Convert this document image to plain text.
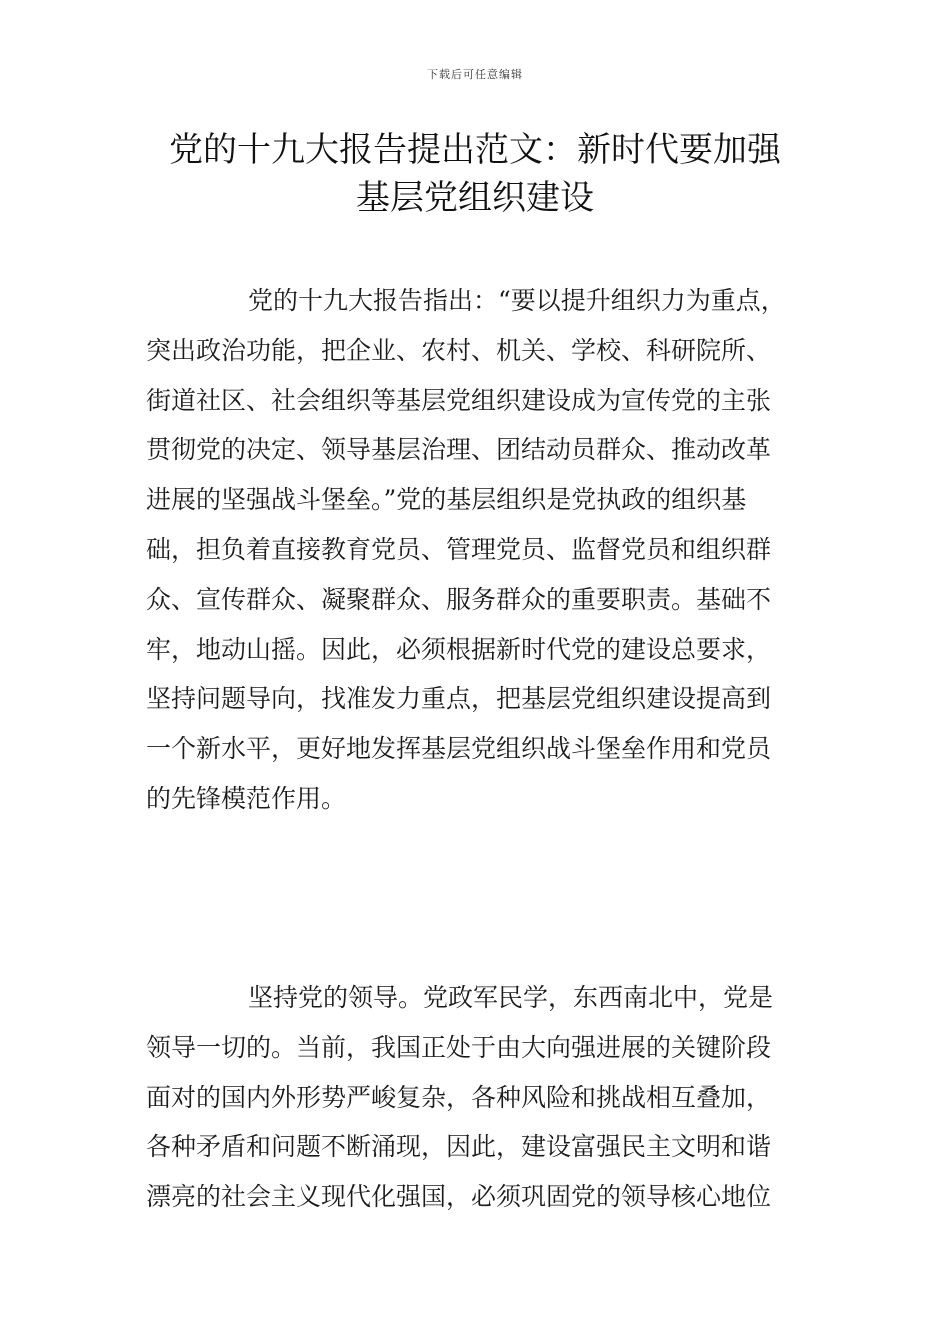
下载后可任意编辑
党的十九大报告提出范文：新时代要加强
基层党组织建设

党的十九大报告指出：“要以提升组织力为重点，
突出政治功能，把企业、农村、机关、学校、科研院所、
街道社区、社会组织等基层党组织建设成为宣传党的主张
贯彻党的决定、领导基层治理、团结动员群众、推动改革
进展的坚强战斗堡垒。”党的基层组织是党执政的组织基
础，担负着直接教育党员、管理党员、监督党员和组织群
众、宣传群众、凝聚群众、服务群众的重要职责。基础不
牢，地动山摇。因此，必须根据新时代党的建设总要求，
坚持问题导向，找准发力重点，把基层党组织建设提高到
一个新水平，更好地发挥基层党组织战斗堡垒作用和党员
的先锋模范作用。

坚持党的领导。党政军民学，东西南北中，党是
领导一切的。当前，我国正处于由大向强进展的关键阶段
面对的国内外形势严峻复杂，各种风险和挑战相互叠加，
各种矛盾和问题不断涌现，因此，建设富强民主文明和谐
漂亮的社会主义现代化强国，必须巩固党的领导核心地位
